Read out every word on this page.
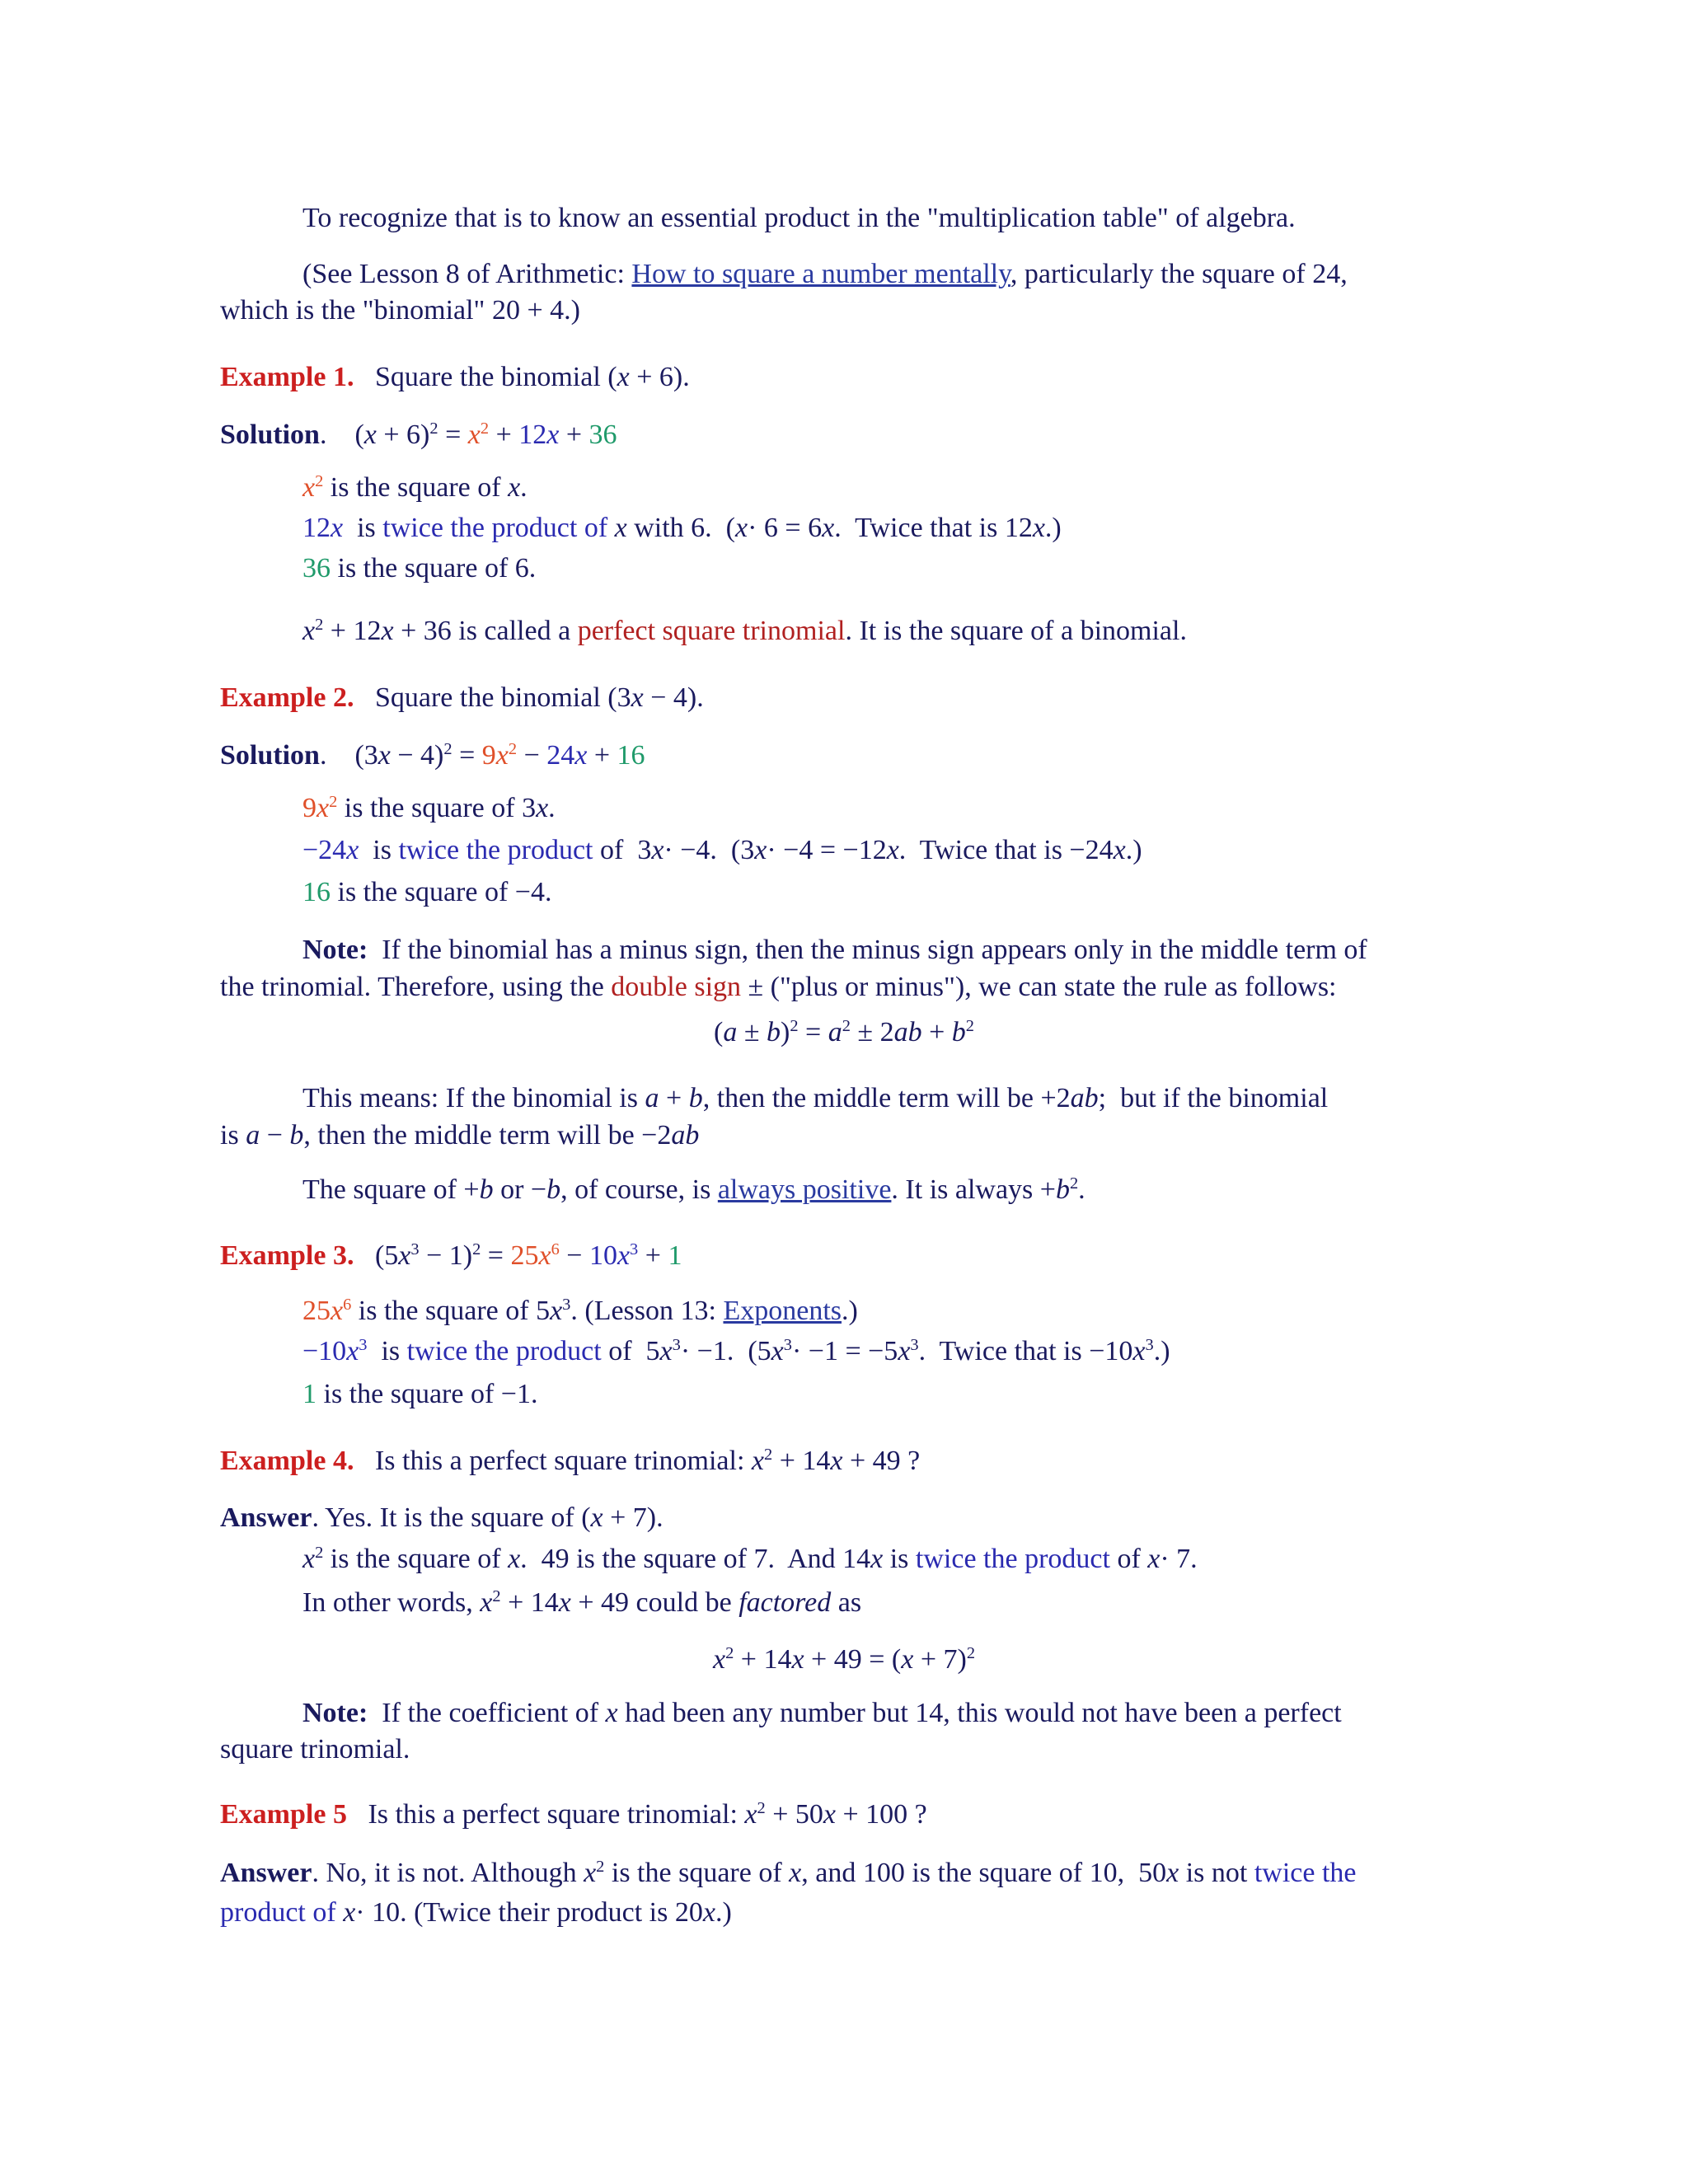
To recognize that is to know an essential product in the "multiplication table" of algebra.
(See Lesson 8 of Arithmetic: How to square a number mentally, particularly the square of 24,
which is the "binomial" 20 + 4.)
Example 1. Square the binomial (x + 6).
Solution.    $(x + 6)^2 = x^2 + 12x + 36$
$x^2$ is the square of x.
12x  is twice the product of x with 6.  (x· 6 = 6x.  Twice that is 12x.)
36 is the square of 6.
$x^2 + 12x + 36$ is called a perfect square trinomial. It is the square of a binomial.
Example 2. Square the binomial (3x − 4).
Solution.    $(3x - 4)^2 = 9x^2 - 24x + 16$
$9x^2$ is the square of 3x.
−24x  is twice the product of  3x· −4.  (3x· −4 = −12x.  Twice that is −24x.)
16 is the square of −4.
Note: If the binomial has a minus sign, then the minus sign appears only in the middle term of
the trinomial. Therefore, using the double sign ± ("plus or minus"), we can state the rule as follows:
$(a \pm b)^2 = a^2 \pm 2ab + b^2$
This means: If the binomial is a + b, then the middle term will be +2ab;  but if the binomial
is a − b, then the middle term will be −2ab
The square of +b or −b, of course, is always positive. It is always $+b^2$.
Example 3.   $(5x^3 - 1)^2 = 25x^6 - 10x^3 + 1$
$25x^6$ is the square of $5x^3$. (Lesson 13: Exponents.)
$-10x^3$  is twice the product of  $5x^3\cdot -1$.  ($5x^3\cdot -1 = -5x^3$.  Twice that is $-10x^3$.)
1 is the square of −1.
Example 4. Is this a perfect square trinomial: $x^2 + 14x + 49$ ?
Answer. Yes. It is the square of (x + 7).
$x^2$ is the square of x.  49 is the square of 7.  And 14x is twice the product of x· 7.
In other words, $x^2 + 14x + 49$ could be factored as
$x^2 + 14x + 49 = (x + 7)^2$
Note: If the coefficient of x had been any number but 14, this would not have been a perfect
square trinomial.
Example 5 Is this a perfect square trinomial: $x^2 + 50x + 100$ ?
Answer. No, it is not. Although $x^2$ is the square of x, and 100 is the square of 10,  50x is not twice the
product of x· 10. (Twice their product is 20x.)
